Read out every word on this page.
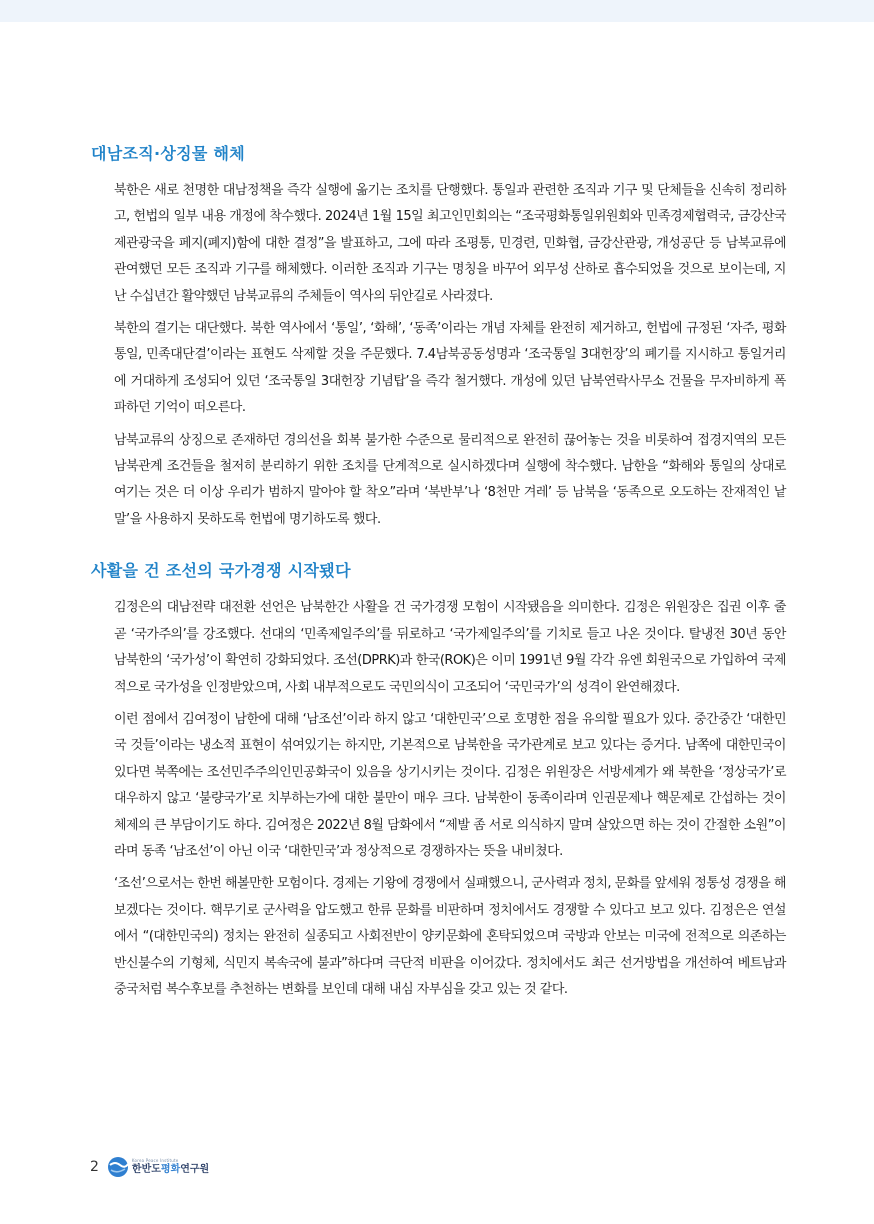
대남조직·상징물 해체

북한은 새로 천명한 대남정책을 즉각 실행에 옮기는 조치를 단행했다. 통일과 관련한 조직과 기구 및 단체들을 신속히 정리하고, 헌법의 일부 내용 개정에 착수했다. 2024년 1월 15일 최고인민회의는 “조국평화통일위원회와 민족경제협력국, 금강산국제관광국을 페지(폐지)함에 대한 결정”을 발표하고, 그에 따라 조평통, 민경련, 민화협, 금강산관광, 개성공단 등 남북교류에 관여했던 모든 조직과 기구를 해체했다. 이러한 조직과 기구는 명칭을 바꾸어 외무성 산하로 흡수되었을 것으로 보이는데, 지난 수십년간 활약했던 남북교류의 주체들이 역사의 뒤안길로 사라졌다.

북한의 결기는 대단했다. 북한 역사에서 ‘통일’, ‘화해’, ‘동족’이라는 개념 자체를 완전히 제거하고, 헌법에 규정된 ‘자주, 평화통일, 민족대단결’이라는 표현도 삭제할 것을 주문했다. 7.4남북공동성명과 ‘조국통일 3대헌장’의 폐기를 지시하고 통일거리에 거대하게 조성되어 있던 ‘조국통일 3대헌장 기념탑’을 즉각 철거했다. 개성에 있던 남북연락사무소 건물을 무자비하게 폭파하던 기억이 떠오른다.

남북교류의 상징으로 존재하던 경의선을 회복 불가한 수준으로 물리적으로 완전히 끊어놓는 것을 비롯하여 접경지역의 모든 남북관계 조건들을 철저히 분리하기 위한 조치를 단계적으로 실시하겠다며 실행에 착수했다. 남한을 “화해와 통일의 상대로 여기는 것은 더 이상 우리가 범하지 말아야 할 착오”라며 ‘북반부’나 ‘8천만 겨레’ 등 남북을 ‘동족으로 오도하는 잔재적인 낱말’을 사용하지 못하도록 헌법에 명기하도록 했다.

사활을 건 조선의 국가경쟁 시작됐다

김정은의 대남전략 대전환 선언은 남북한간 사활을 건 국가경쟁 모험이 시작됐음을 의미한다. 김정은 위원장은 집권 이후 줄곧 ‘국가주의’를 강조했다. 선대의 ‘민족제일주의’를 뒤로하고 ‘국가제일주의’를 기치로 들고 나온 것이다. 탈냉전 30년 동안 남북한의 ‘국가성’이 확연히 강화되었다. 조선(DPRK)과 한국(ROK)은 이미 1991년 9월 각각 유엔 회원국으로 가입하여 국제적으로 국가성을 인정받았으며, 사회 내부적으로도 국민의식이 고조되어 ‘국민국가’의 성격이 완연해졌다.

이런 점에서 김여정이 남한에 대해 ‘남조선’이라 하지 않고 ‘대한민국’으로 호명한 점을 유의할 필요가 있다. 중간중간 ‘대한민국 것들’이라는 냉소적 표현이 섞여있기는 하지만, 기본적으로 남북한을 국가관계로 보고 있다는 증거다. 남쪽에 대한민국이 있다면 북쪽에는 조선민주주의인민공화국이 있음을 상기시키는 것이다. 김정은 위원장은 서방세계가 왜 북한을 ‘정상국가’로 대우하지 않고 ‘불량국가’로 치부하는가에 대한 불만이 매우 크다. 남북한이 동족이라며 인권문제나 핵문제로 간섭하는 것이 체제의 큰 부담이기도 하다. 김여정은 2022년 8월 담화에서 “제발 좀 서로 의식하지 말며 살았으면 하는 것이 간절한 소원”이라며 동족 ‘남조선’이 아닌 이국 ‘대한민국’과 정상적으로 경쟁하자는 뜻을 내비쳤다.

‘조선’으로서는 한번 해볼만한 모험이다. 경제는 기왕에 경쟁에서 실패했으니, 군사력과 정치, 문화를 앞세워 정통성 경쟁을 해보겠다는 것이다. 핵무기로 군사력을 압도했고 한류 문화를 비판하며 정치에서도 경쟁할 수 있다고 보고 있다. 김정은은 연설에서 “(대한민국의) 정치는 완전히 실종되고 사회전반이 양키문화에 혼탁되었으며 국방과 안보는 미국에 전적으로 의존하는 반신불수의 기형체, 식민지 복속국에 불과”하다며 극단적 비판을 이어갔다. 정치에서도 최근 선거방법을 개선하여 베트남과 중국처럼 복수후보를 추천하는 변화를 보인데 대해 내심 자부심을 갖고 있는 것 같다.

2	Korea Peace Institute
한반도평화연구원
